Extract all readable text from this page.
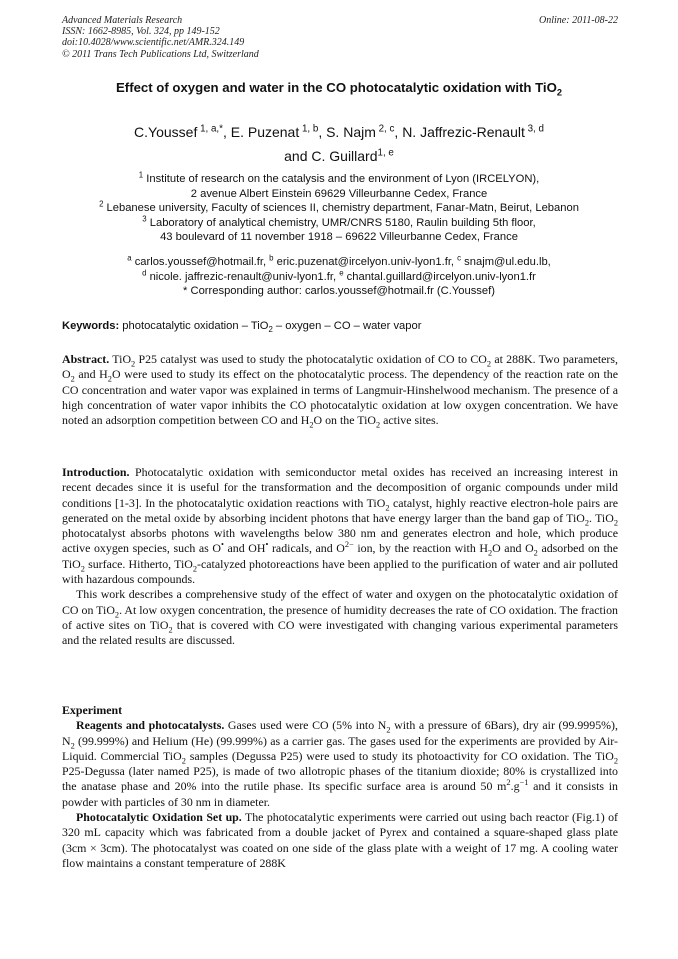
Advanced Materials Research
ISSN: 1662-8985, Vol. 324, pp 149-152
doi:10.4028/www.scientific.net/AMR.324.149
© 2011 Trans Tech Publications Ltd, Switzerland
Online: 2011-08-22
Effect of oxygen and water in the CO photocatalytic oxidation with TiO$_2$
C.Youssef $^{1, a,*}$, E. Puzenat $^{1, b}$, S. Najm $^{2, c}$, N. Jaffrezic-Renault $^{3, d}$
and C. Guillard$^{1, e}$
$^1$ Institute of research on the catalysis and the environment of Lyon (IRCELYON),
2 avenue Albert Einstein 69629 Villeurbanne Cedex, France
$^2$ Lebanese university, Faculty of sciences II, chemistry department, Fanar-Matn, Beirut, Lebanon
$^3$ Laboratory of analytical chemistry, UMR/CNRS 5180, Raulin building 5th floor,
43 boulevard of 11 november 1918 – 69622 Villeurbanne Cedex, France
$^a$ carlos.youssef@hotmail.fr, $^b$ eric.puzenat@ircelyon.univ-lyon1.fr, $^c$ snajm@ul.edu.lb,
$^d$ nicole. jaffrezic-renault@univ-lyon1.fr, $^e$ chantal.guillard@ircelyon.univ-lyon1.fr
* Corresponding author: carlos.youssef@hotmail.fr (C.Youssef)
Keywords: photocatalytic oxidation – TiO$_2$ – oxygen – CO – water vapor

Abstract. TiO$_2$ P25 catalyst was used to study the photocatalytic oxidation of CO to $CO_2$ at 288K. Two parameters, $O_2$ and $H_2O$ were used to study its effect on the photocatalytic process. The dependency of the reaction rate on the CO concentration and water vapor was explained in terms of Langmuir-Hinshelwood mechanism. The presence of a high concentration of water vapor inhibits the CO photocatalytic oxidation at low oxygen concentration. We have noted an adsorption competition between CO and $H_2O$ on the TiO$_2$ active sites.

Introduction. Photocatalytic oxidation with semiconductor metal oxides has received an increasing interest in recent decades since it is useful for the transformation and the decomposition of organic compounds under mild conditions [1-3]. In the photocatalytic oxidation reactions with TiO$_2$ catalyst, highly reactive electron-hole pairs are generated on the metal oxide by absorbing incident photons that have energy larger than the band gap of TiO$_2$. TiO$_2$ photocatalyst absorbs photons with wavelengths below 380 nm and generates electron and hole, which produce active oxygen species, such as O• and OH• radicals, and $O^{2-}$ ion, by the reaction with $H_2O$ and $O_2$ adsorbed on the TiO$_2$ surface. Hitherto, TiO$_2$-catalyzed photoreactions have been applied to the purification of water and air polluted with hazardous compounds.

This work describes a comprehensive study of the effect of water and oxygen on the photocatalytic oxidation of CO on TiO$_2$. At low oxygen concentration, the presence of humidity decreases the rate of CO oxidation. The fraction of active sites on TiO$_2$ that is covered with CO were investigated with changing various experimental parameters and the related results are discussed.

Experiment

Reagents and photocatalysts. Gases used were CO (5% into $N_2$ with a pressure of 6Bars), dry air (99.9995%), $N_2$ (99.999%) and Helium (He) (99.999%) as a carrier gas. The gases used for the experiments are provided by Air-Liquid. Commercial TiO$_2$ samples (Degussa P25) were used to study its photoactivity for CO oxidation. The TiO$_2$ P25-Degussa (later named P25), is made of two allotropic phases of the titanium dioxide; 80% is crystallized into the anatase phase and 20% into the rutile phase. Its specific surface area is around 50 $m^2.g^{-1}$ and it consists in powder with particles of 30 nm in diameter.

Photocatalytic Oxidation Set up. The photocatalytic experiments were carried out using bach reactor (Fig.1) of 320 mL capacity which was fabricated from a double jacket of Pyrex and contained a square-shaped glass plate (3cm × 3cm). The photocatalyst was coated on one side of the glass plate with a weight of 17 mg. A cooling water flow maintains a constant temperature of 288K
